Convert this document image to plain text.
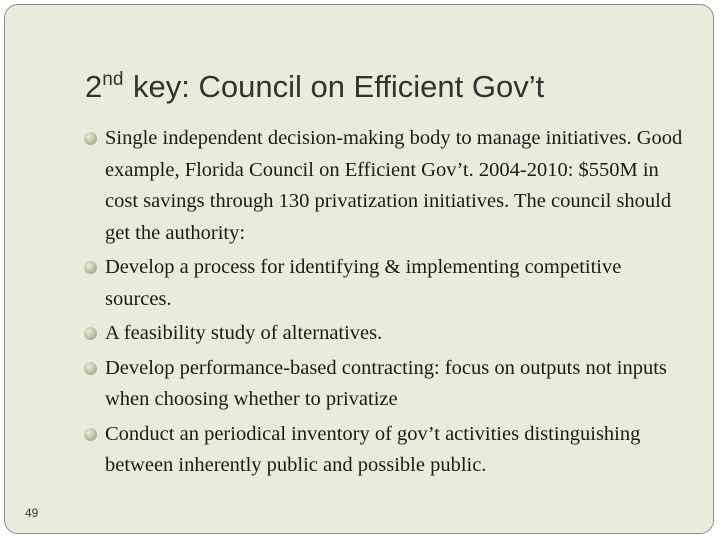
2nd key: Council on Efficient Gov’t
Single independent decision-making body to manage initiatives. Good example, Florida Council on Efficient Gov’t. 2004-2010: $550M in cost savings through 130 privatization initiatives. The council should get the authority:
Develop a process for identifying & implementing competitive sources.
A feasibility study of alternatives.
Develop performance-based contracting: focus on outputs not inputs when choosing whether to privatize
Conduct an periodical inventory of gov’t activities distinguishing between inherently public and possible public.
49
